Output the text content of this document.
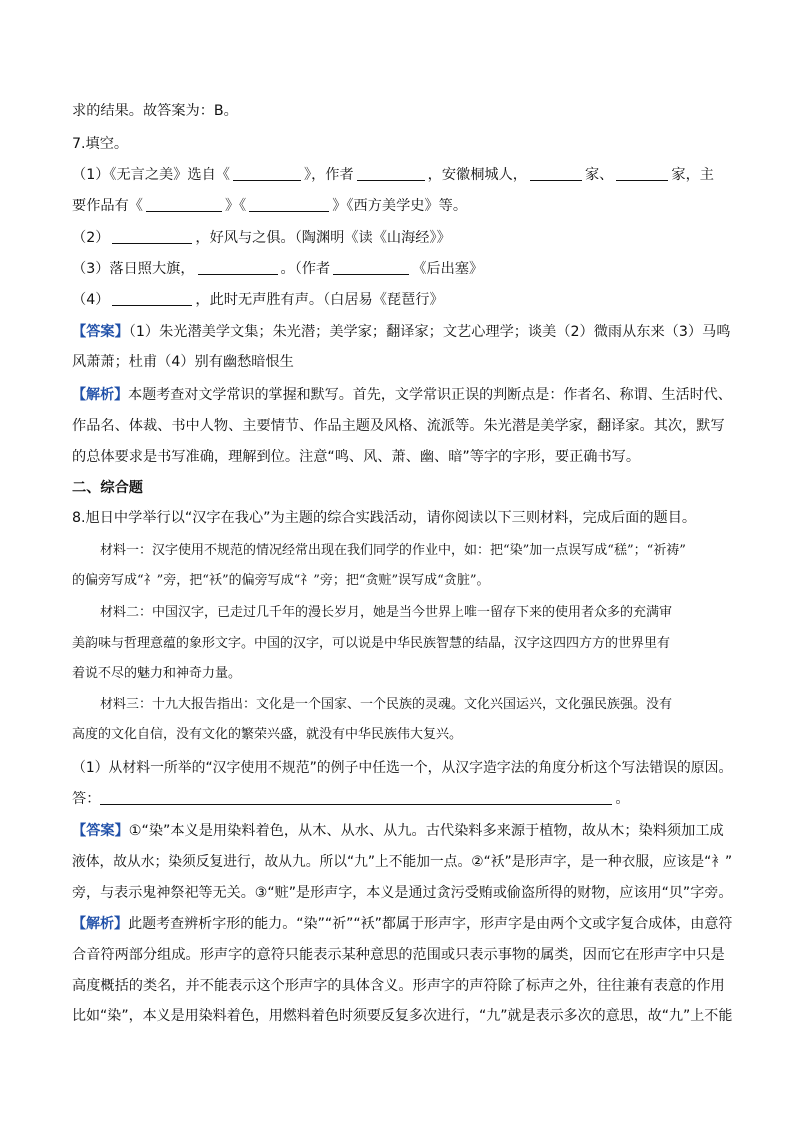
求的结果。故答案为：B。
7.填空。
（1）《无言之美》选自《	》，作者	，安徽桐城人，	家、	家，主
要作品有《	》《	》《西方美学史》等。
（2）	，好风与之俱。（陶渊明《读《山海经》》
（3）落日照大旗，	。（作者	《后出塞》
（4）	，此时无声胜有声。（白居易《琵琶行》
【答案】（1）朱光潜美学文集；朱光潜；美学家；翻译家；文艺心理学；谈美（2）微雨从东来（3）马鸣
风萧萧；杜甫（4）别有幽愁暗恨生
【解析】本题考查对文学常识的掌握和默写。首先，文学常识正误的判断点是：作者名、称谓、生活时代、
作品名、体裁、书中人物、主要情节、作品主题及风格、流派等。朱光潜是美学家，翻译家。其次，默写
的总体要求是书写准确，理解到位。注意“鸣、风、萧、幽、暗”等字的字形，要正确书写。
二、综合题
8.旭日中学举行以“汉字在我心”为主题的综合实践活动，请你阅读以下三则材料，完成后面的题目。
材料一：汉字使用不规范的情况经常出现在我们同学的作业中，如：把“染”加一点误写成“䅵”；“祈祷”
的偏旁写成“礻”旁，把“袄”的偏旁写成“礻”旁；把“贪赃”误写成“贪脏”。
材料二：中国汉字，已走过几千年的漫长岁月，她是当今世界上唯一留存下来的使用者众多的充满审
美韵味与哲理意蕴的象形文字。中国的汉字，可以说是中华民族智慧的结晶，汉字这四四方方的世界里有
着说不尽的魅力和神奇力量。
材料三：十九大报告指出：文化是一个国家、一个民族的灵魂。文化兴国运兴，文化强民族强。没有
高度的文化自信，没有文化的繁荣兴盛，就没有中华民族伟大复兴。
（1）从材料一所举的“汉字使用不规范”的例子中任选一个，从汉字造字法的角度分析这个写法错误的原因。
答：	。
【答案】①“染”本义是用染料着色，从木、从水、从九。古代染料多来源于植物，故从木；染料须加工成
液体，故从水；染须反复进行，故从九。所以“九”上不能加一点。②“袄”是形声字，是一种衣服，应该是“衤”
旁，与表示鬼神祭祀等无关。③“赃”是形声字，本义是通过贪污受贿或偷盗所得的财物，应该用“贝”字旁。
【解析】此题考查辨析字形的能力。“染”“祈”“袄”都属于形声字，形声字是由两个文或字复合成体，由意符
合音符两部分组成。形声字的意符只能表示某种意思的范围或只表示事物的属类，因而它在形声字中只是
高度概括的类名，并不能表示这个形声字的具体含义。形声字的声符除了标声之外，往往兼有表意的作用
比如“染”，本义是用染料着色，用燃料着色时须要反复多次进行，“九”就是表示多次的意思，故“九”上不能
